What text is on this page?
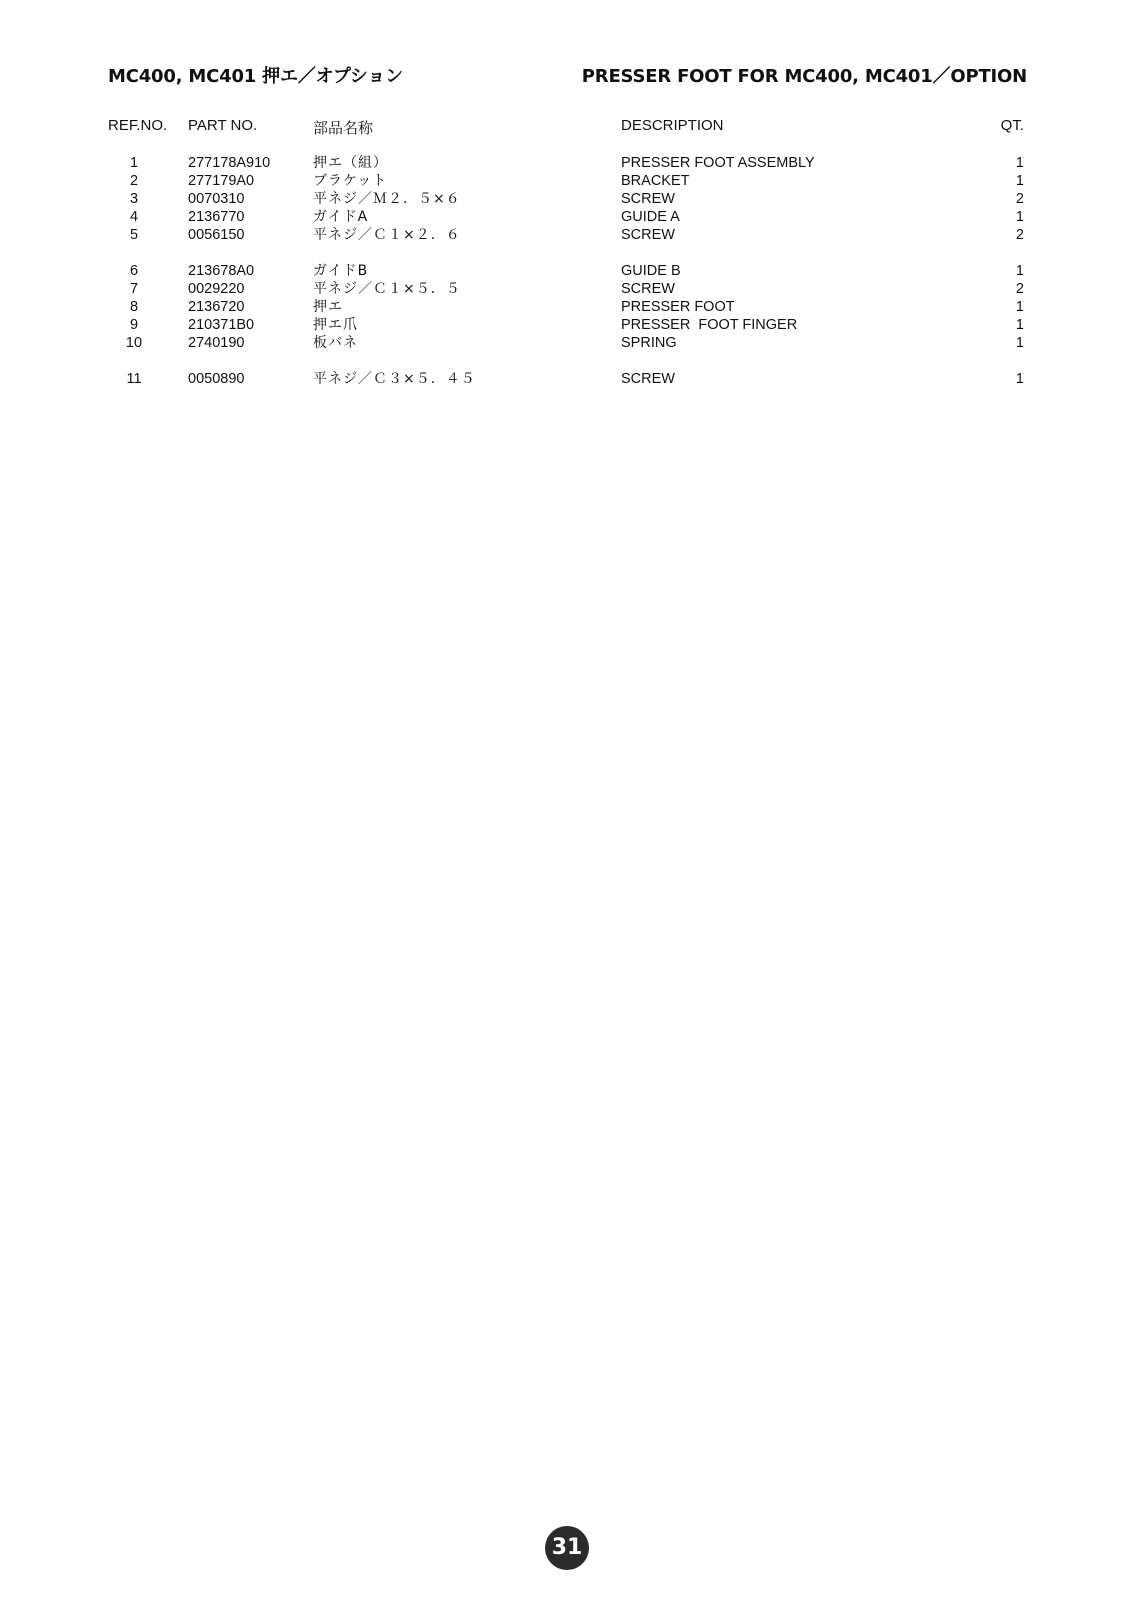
MC400, MC401 押エ／オプション	PRESSER FOOT FOR MC400, MC401／OPTION
REF.NO. PART NO.	部品名称	DESCRIPTION	QT.
1	277178A910	押エ（組）	PRESSER FOOT ASSEMBLY	1
2	277179A0	ブラケット	BRACKET	1
3	0070310	平ネジ／Ｍ２．５×６	SCREW	2
4	2136770	ガイドA	GUIDE A	1
5	0056150	平ネジ／Ｃ１×２．６	SCREW	2
6	213678A0	ガイドB	GUIDE B	1
7	0029220	平ネジ／Ｃ１×５．５	SCREW	2
8	2136720	押エ	PRESSER FOOT	1
9	210371B0	押エ爪	PRESSER  FOOT FINGER	1
10	2740190	板バネ	SPRING	1
11	0050890	平ネジ／Ｃ３×５．４５	SCREW	1
31
